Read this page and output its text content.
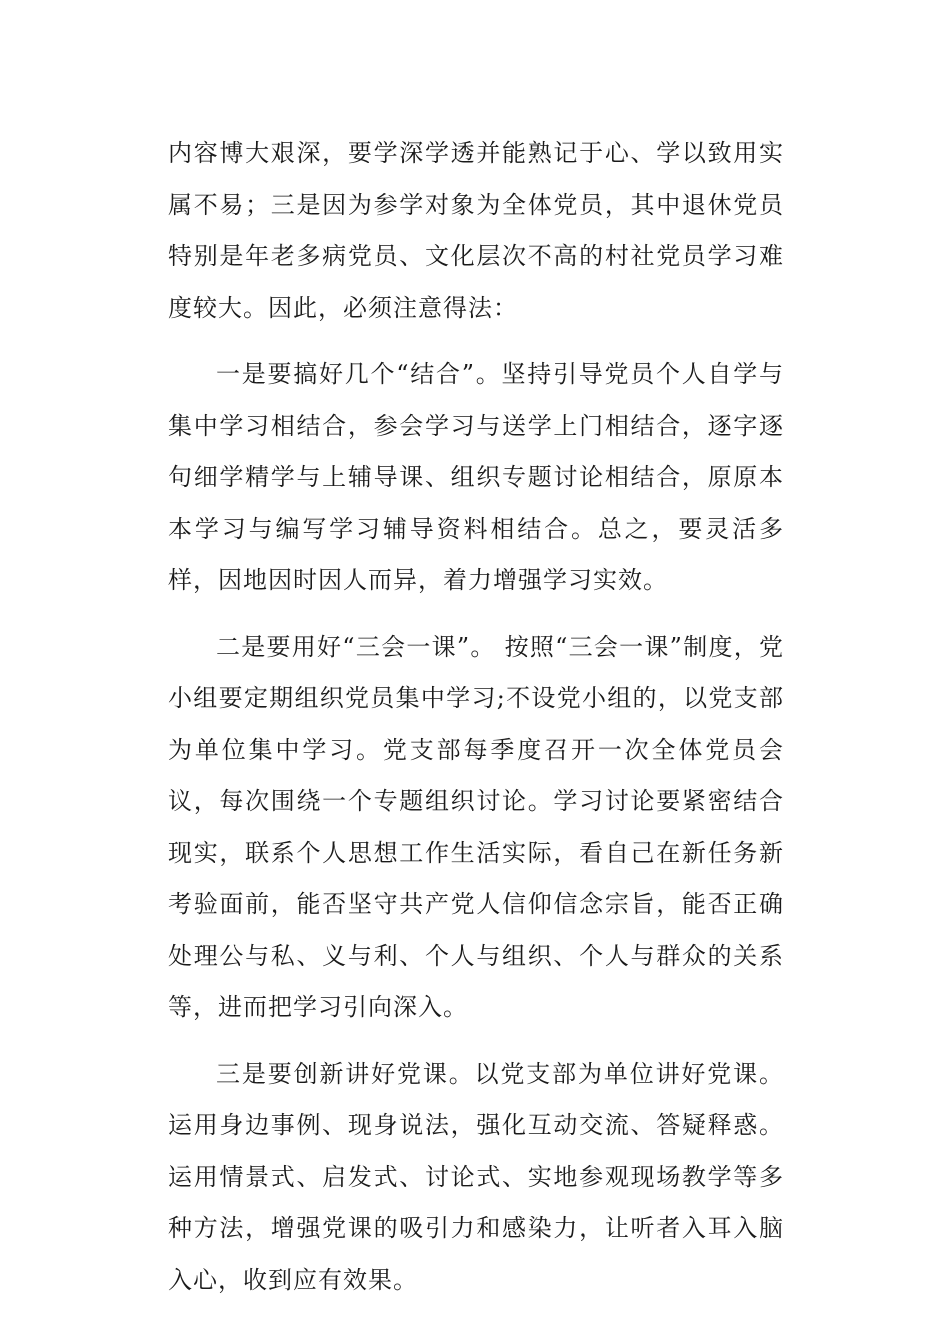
内容博大艰深，要学深学透并能熟记于心、学以致用实属不易；三是因为参学对象为全体党员，其中退休党员特别是年老多病党员、文化层次不高的村社党员学习难度较大。因此，必须注意得法：

一是要搞好几个“结合”。坚持引导党员个人自学与集中学习相结合，参会学习与送学上门相结合，逐字逐句细学精学与上辅导课、组织专题讨论相结合，原原本本学习与编写学习辅导资料相结合。总之，要灵活多样，因地因时因人而异，着力增强学习实效。

二是要用好“三会一课”。 按照“三会一课”制度，党小组要定期组织党员集中学习;不设党小组的，以党支部为单位集中学习。党支部每季度召开一次全体党员会议，每次围绕一个专题组织讨论。学习讨论要紧密结合现实，联系个人思想工作生活实际，看自己在新任务新考验面前，能否坚守共产党人信仰信念宗旨，能否正确处理公与私、义与利、个人与组织、个人与群众的关系等，进而把学习引向深入。

三是要创新讲好党课。以党支部为单位讲好党课。运用身边事例、现身说法，强化互动交流、答疑释惑。运用情景式、启发式、讨论式、实地参观现场教学等多种方法，增强党课的吸引力和感染力，让听者入耳入脑入心，收到应有效果。
